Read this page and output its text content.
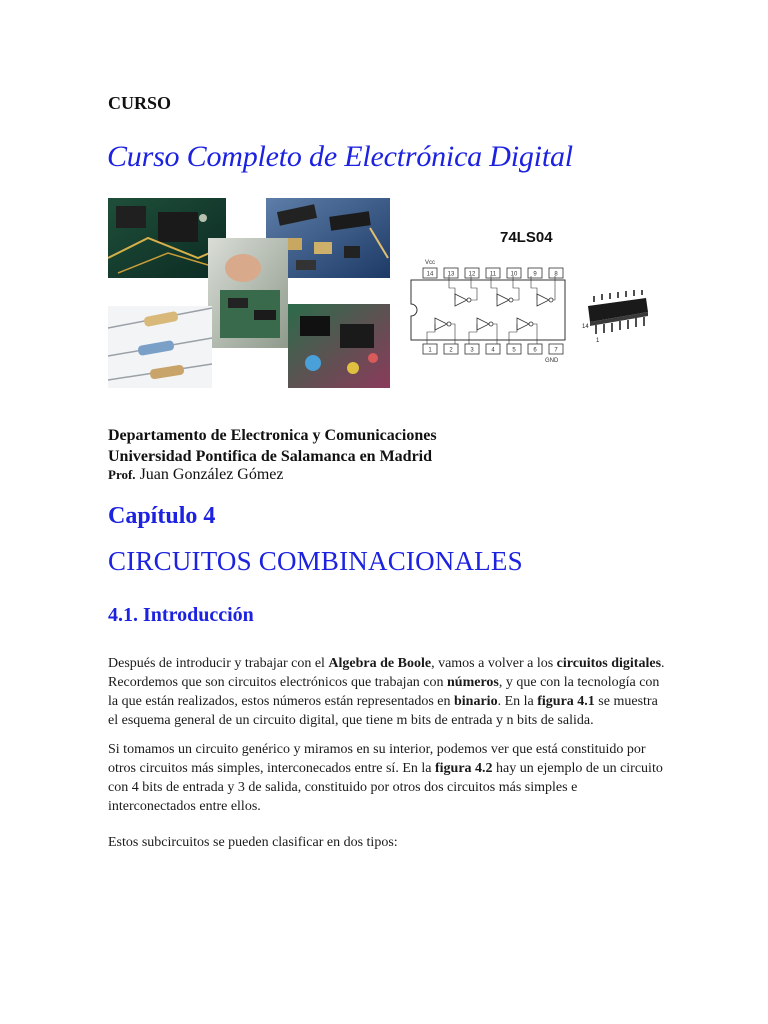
CURSO
Curso Completo de Electrónica Digital
74LS04
Vcc
GND
14 13 12 11 10	9	8
1	2	3	4	5	6	7
14
1
Departamento de Electronica y Comunicaciones
Universidad Pontifica de Salamanca en Madrid
Prof. Juan González Gómez
Capítulo 4
CIRCUITOS COMBINACIONALES
4.1. Introducción
Después de introducir y trabajar con el Algebra de Boole, vamos a volver a los circuitos digitales. Recordemos que son circuitos electrónicos que trabajan con números, y que con la tecnología con la que están realizados, estos números están representados en binario. En la figura 4.1 se muestra el esquema general de un circuito digital, que tiene m bits de entrada y n bits de salida.
Si tomamos un circuito genérico y miramos en su interior, podemos ver que está constituido por otros circuitos más simples, interconecados entre sí. En la figura 4.2 hay un ejemplo de un circuito con 4 bits de entrada y 3 de salida, constituido por otros dos circuitos más simples e interconectados entre ellos.
Estos subcircuitos se pueden clasificar en dos tipos:
